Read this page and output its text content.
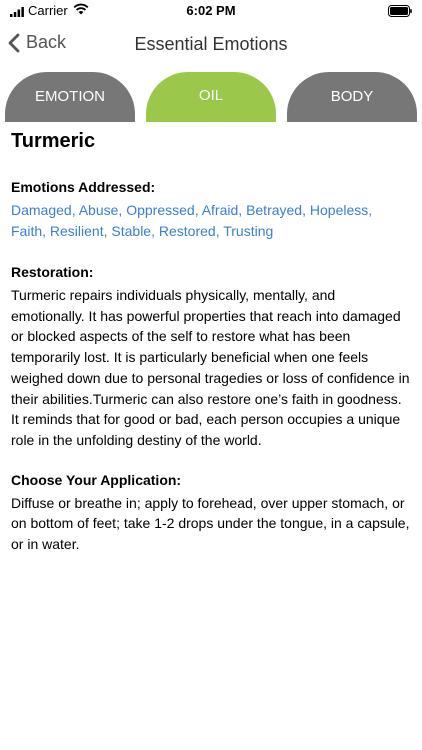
Carrier	6:02 PM
Back	Essential Emotions
EMOTION	OIL	BODY
Turmeric
Emotions Addressed:
Damaged, Abuse, Oppressed, Afraid, Betrayed, Hopeless,
Faith, Resilient, Stable, Restored, Trusting
Restoration:

Turmeric repairs individuals physically, mentally, and emotionally. It has powerful properties that reach into damaged or blocked aspects of the self to restore what has been temporarily lost. It is particularly beneficial when one feels weighed down due to personal tragedies or loss of confidence in their abilities.Turmeric can also restore one’s faith in goodness. It reminds that for good or bad, each person occupies a unique role in the unfolding destiny of the world.

Choose Your Application:

Diffuse or breathe in; apply to forehead, over upper stomach, or on bottom of feet; take 1-2 drops under the tongue, in a capsule, or in water.
